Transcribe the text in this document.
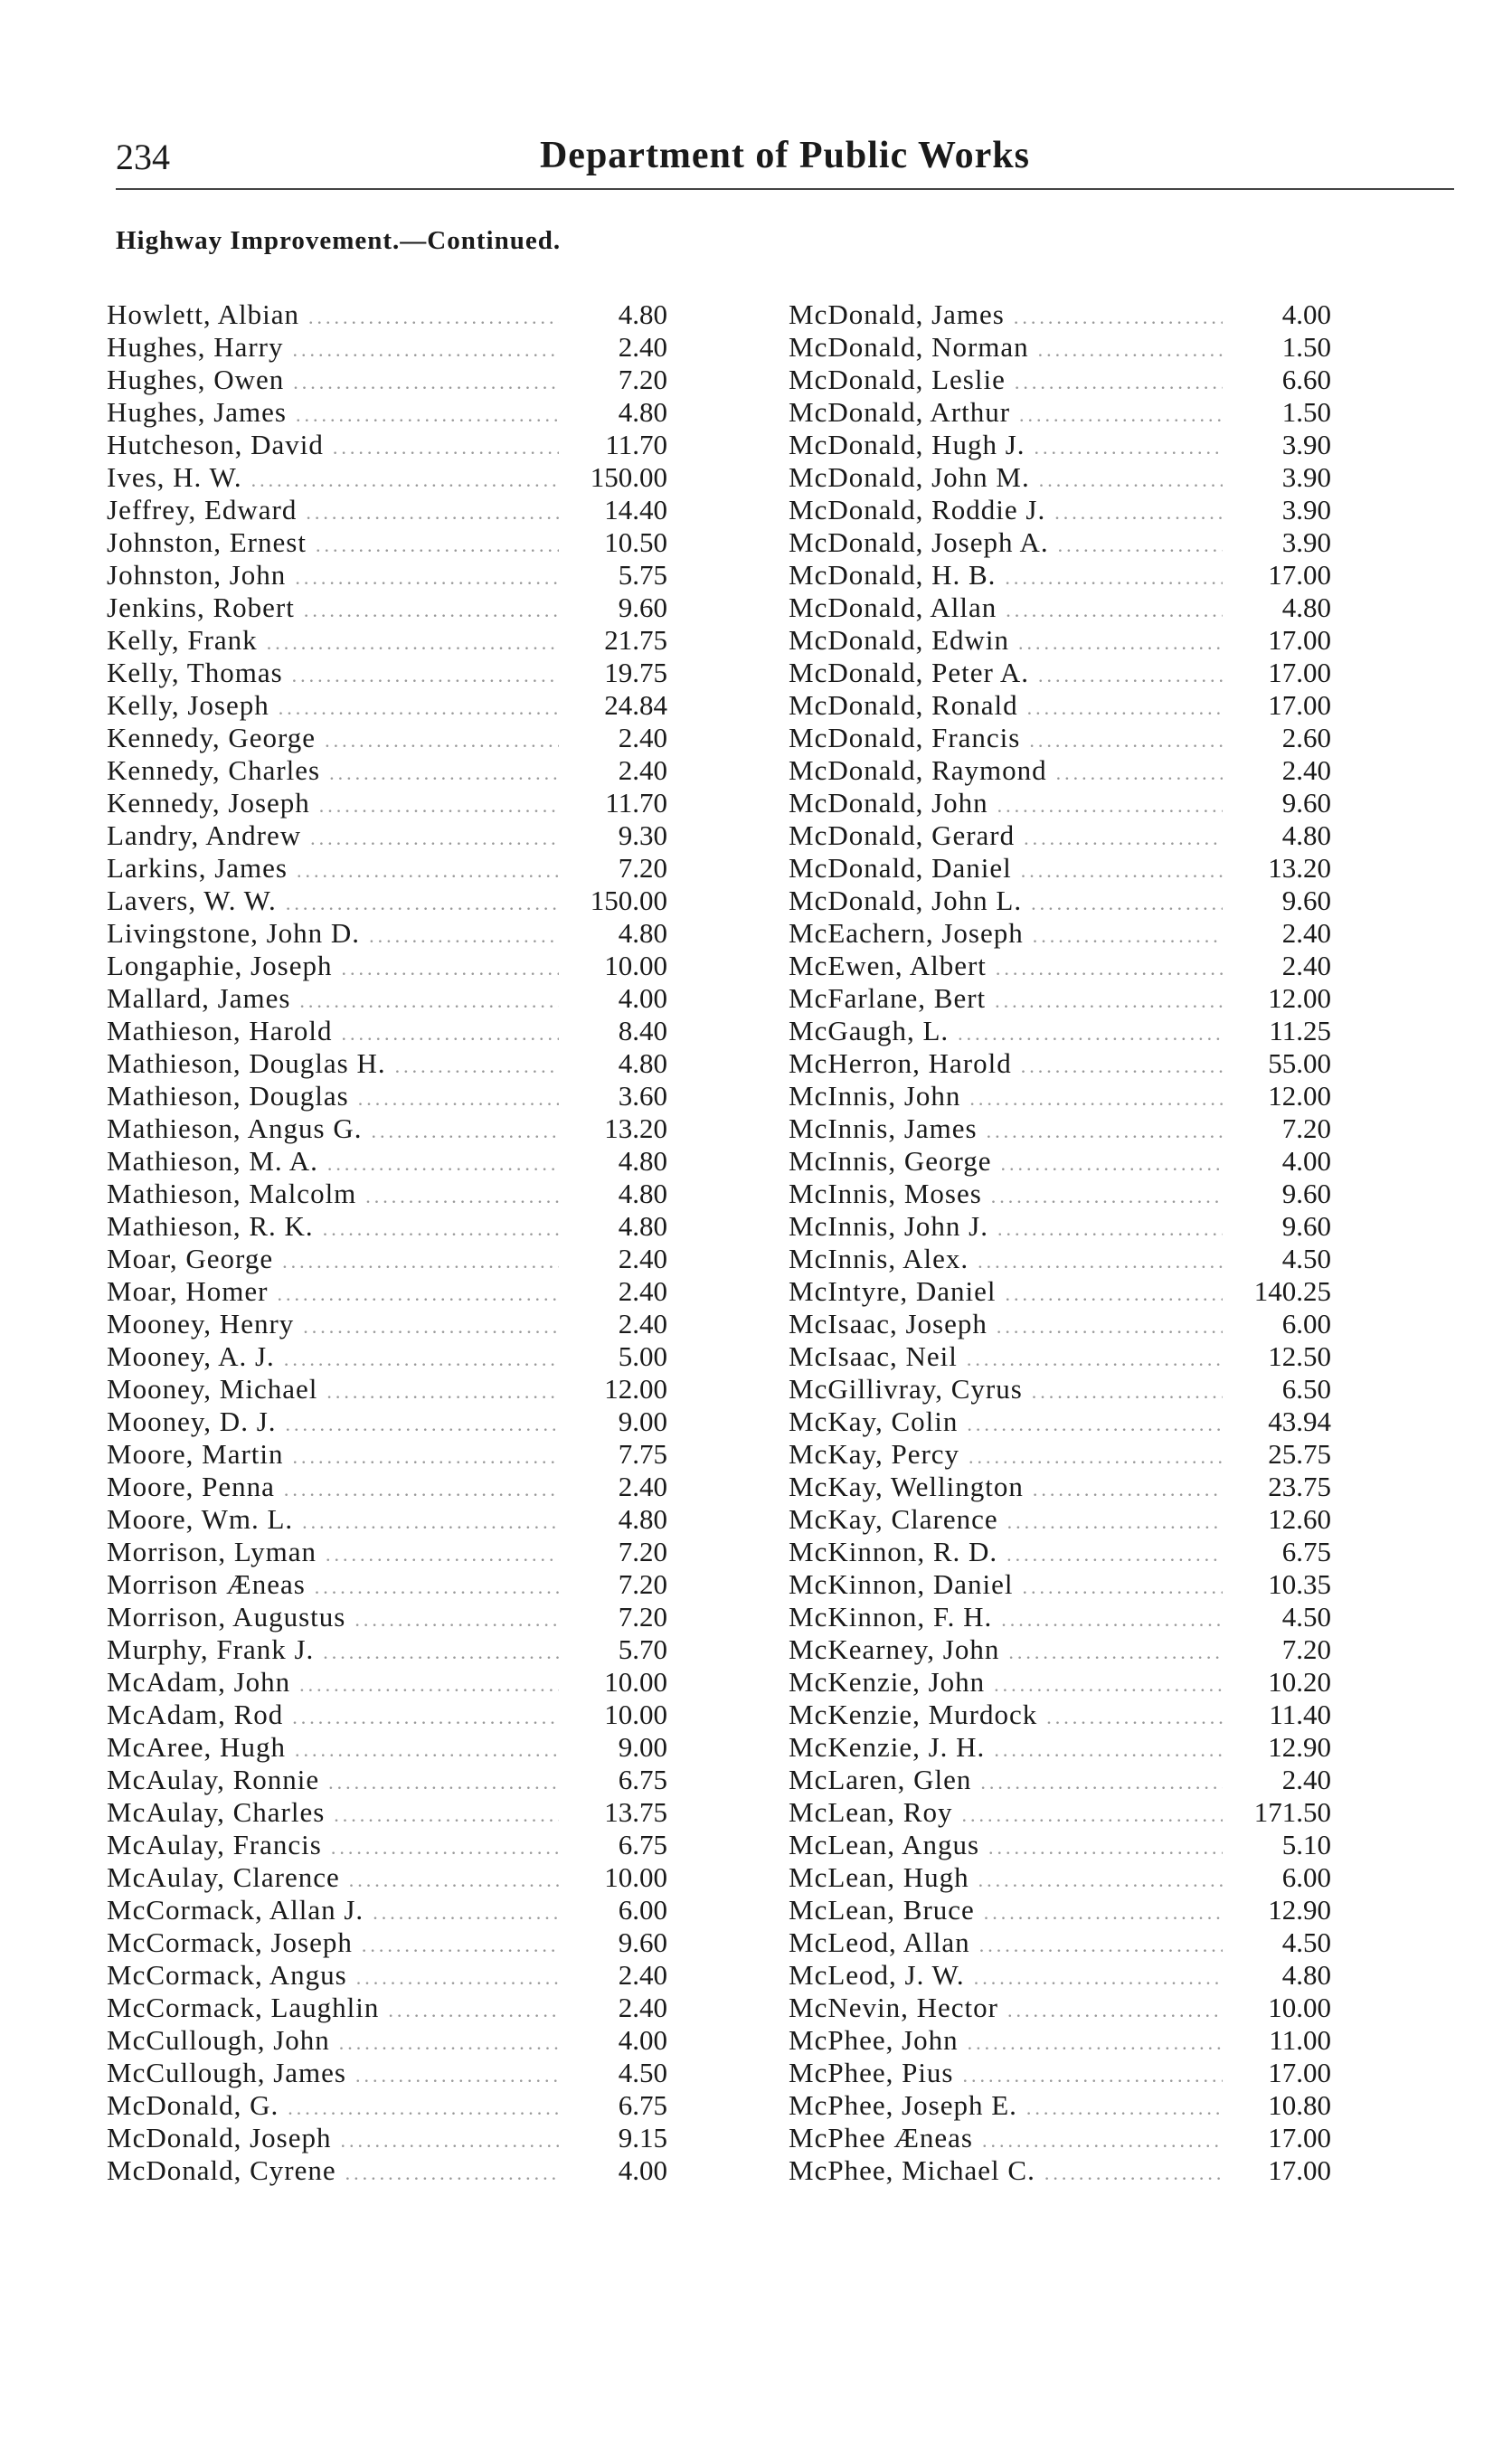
234	Department of Public Works
Highway Improvement.—Continued.
Howlett, Albian .....	4.80
Hughes, Harry .....	2.40
Hughes, Owen .....	7.20
Hughes, James .....	4.80
Hutcheson, David .....	11.70
Ives, H. W. .....	150.00
Jeffrey, Edward .....	14.40
Johnston, Ernest .....	10.50
Johnston, John .....	5.75
Jenkins, Robert .....	9.60
Kelly, Frank .....	21.75
Kelly, Thomas .....	19.75
Kelly, Joseph .....	24.84
Kennedy, George .....	2.40
Kennedy, Charles .....	2.40
Kennedy, Joseph .....	11.70
Landry, Andrew .....	9.30
Larkins, James .....	7.20
Lavers, W. W. .....	150.00
Livingstone, John D. .....	4.80
Longaphie, Joseph .....	10.00
Mallard, James .....	4.00
Mathieson, Harold .....	8.40
Mathieson, Douglas H. .....	4.80
Mathieson, Douglas .....	3.60
Mathieson, Angus G. .....	13.20
Mathieson, M. A. .....	4.80
Mathieson, Malcolm .....	4.80
Mathieson, R. K. .....	4.80
Moar, George .....	2.40
Moar, Homer .....	2.40
Mooney, Henry .....	2.40
Mooney, A. J. .....	5.00
Mooney, Michael .....	12.00
Mooney, D. J. .....	9.00
Moore, Martin .....	7.75
Moore, Penna .....	2.40
Moore, Wm. L. .....	4.80
Morrison, Lyman .....	7.20
Morrison Æneas .....	7.20
Morrison, Augustus .....	7.20
Murphy, Frank J. .....	5.70
McAdam, John .....	10.00
McAdam, Rod .....	10.00
McAree, Hugh .....	9.00
McAulay, Ronnie .....	6.75
McAulay, Charles .....	13.75
McAulay, Francis .....	6.75
McAulay, Clarence .....	10.00
McCormack, Allan J. .....	6.00
McCormack, Joseph .....	9.60
McCormack, Angus .....	2.40
McCormack, Laughlin .....	2.40
McCullough, John .....	4.00
McCullough, James .....	4.50
McDonald, G. .....	6.75
McDonald, Joseph .....	9.15
McDonald, Cyrene .....	4.00
McDonald, James .....	4.00
McDonald, Norman .....	1.50
McDonald, Leslie .....	6.60
McDonald, Arthur .....	1.50
McDonald, Hugh J. .....	3.90
McDonald, John M. .....	3.90
McDonald, Roddie J. .....	3.90
McDonald, Joseph A. .....	3.90
McDonald, H. B. .....	17.00
McDonald, Allan .....	4.80
McDonald, Edwin .....	17.00
McDonald, Peter A. .....	17.00
McDonald, Ronald .....	17.00
McDonald, Francis .....	2.60
McDonald, Raymond .....	2.40
McDonald, John .....	9.60
McDonald, Gerard .....	4.80
McDonald, Daniel .....	13.20
McDonald, John L. .....	9.60
McEachern, Joseph .....	2.40
McEwen, Albert .....	2.40
McFarlane, Bert .....	12.00
McGaugh, L. .....	11.25
McHerron, Harold .....	55.00
McInnis, John .....	12.00
McInnis, James .....	7.20
McInnis, George .....	4.00
McInnis, Moses .....	9.60
McInnis, John J. .....	9.60
McInnis, Alex. .....	4.50
McIntyre, Daniel .....	140.25
McIsaac, Joseph .....	6.00
McIsaac, Neil .....	12.50
McGillivray, Cyrus .....	6.50
McKay, Colin .....	43.94
McKay, Percy .....	25.75
McKay, Wellington .....	23.75
McKay, Clarence .....	12.60
McKinnon, R. D. .....	6.75
McKinnon, Daniel .....	10.35
McKinnon, F. H. .....	4.50
McKearney, John .....	7.20
McKenzie, John .....	10.20
McKenzie, Murdock .....	11.40
McKenzie, J. H. .....	12.90
McLaren, Glen .....	2.40
McLean, Roy .....	171.50
McLean, Angus .....	5.10
McLean, Hugh .....	6.00
McLean, Bruce .....	12.90
McLeod, Allan .....	4.50
McLeod, J. W. .....	4.80
McNevin, Hector .....	10.00
McPhee, John .....	11.00
McPhee, Pius .....	17.00
McPhee, Joseph E. .....	10.80
McPhee Æneas .....	17.00
McPhee, Michael C. .....	17.00
